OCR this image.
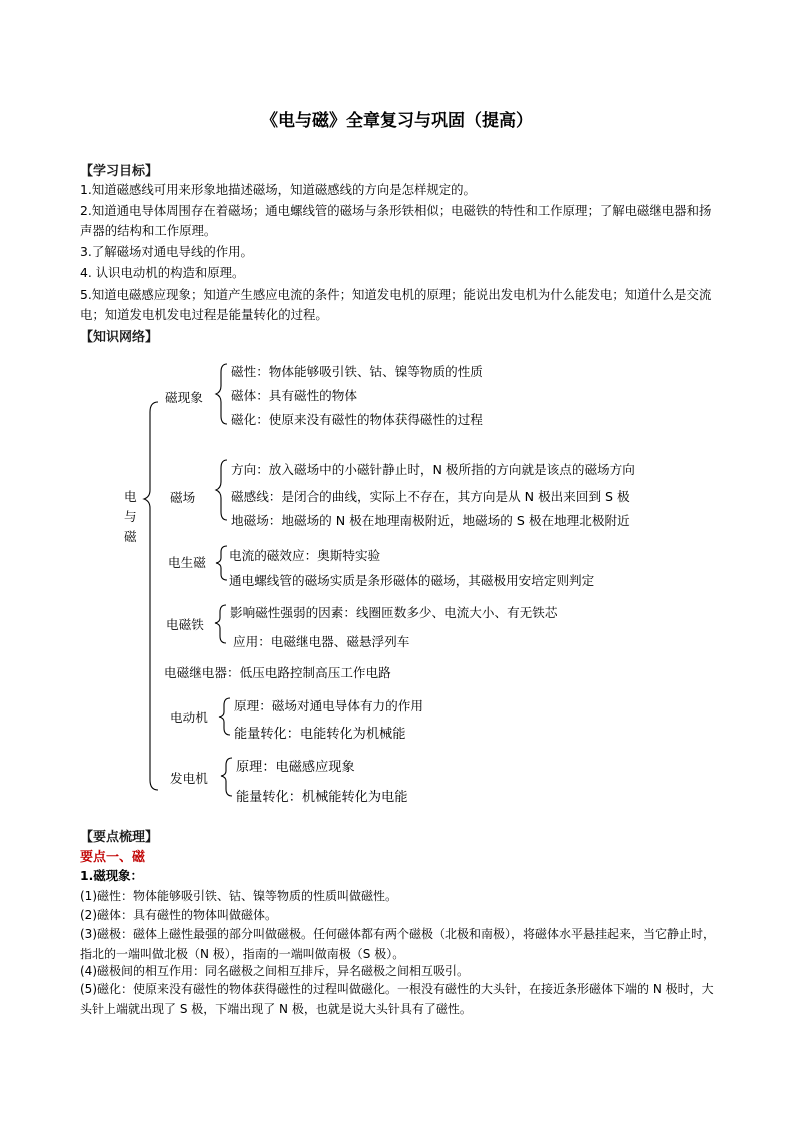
《电与磁》全章复习与巩固（提高）
【学习目标】
1.知道磁感线可用来形象地描述磁场，知道磁感线的方向是怎样规定的。
2.知道通电导体周围存在着磁场；通电螺线管的磁场与条形铁相似；电磁铁的特性和工作原理；了解电磁继电器和扬声器的结构和工作原理。
3.了解磁场对通电导线的作用。
4. 认识电动机的构造和原理。
5.知道电磁感应现象；知道产生感应电流的条件；知道发电机的原理；能说出发电机为什么能发电；知道什么是交流电；知道发电机发电过程是能量转化的过程。
【知识网络】
电
与
磁
磁现象
磁性：物体能够吸引铁、钴、镍等物质的性质
磁体：具有磁性的物体
磁化：使原来没有磁性的物体获得磁性的过程
磁场
方向：放入磁场中的小磁针静止时，N 极所指的方向就是该点的磁场方向
磁感线：是闭合的曲线，实际上不存在，其方向是从 N 极出来回到 S 极
地磁场：地磁场的 N 极在地理南极附近，地磁场的 S 极在地理北极附近
电生磁 电流的磁效应：奥斯特实验
通电螺线管的磁场实质是条形磁体的磁场，其磁极用安培定则判定
电磁铁
影响磁性强弱的因素：线圈匝数多少、电流大小、有无铁芯
应用：电磁继电器、磁悬浮列车
电磁继电器：低压电路控制高压工作电路
电动机
原理：磁场对通电导体有力的作用
能量转化：电能转化为机械能
发电机
原理：电磁感应现象
能量转化：机械能转化为电能
【要点梳理】
要点一、磁
1.磁现象：
(1)磁性：物体能够吸引铁、钴、镍等物质的性质叫做磁性。
(2)磁体：具有磁性的物体叫做磁体。
(3)磁极：磁体上磁性最强的部分叫做磁极。任何磁体都有两个磁极（北极和南极），将磁体水平悬挂起来，当它静止时，指北的一端叫做北极（N 极），指南的一端叫做南极（S 极）。
(4)磁极间的相互作用：同名磁极之间相互排斥，异名磁极之间相互吸引。
(5)磁化：使原来没有磁性的物体获得磁性的过程叫做磁化。一根没有磁性的大头针，在接近条形磁体下端的 N 极时，大头针上端就出现了 S 极，下端出现了 N 极，也就是说大头针具有了磁性。
